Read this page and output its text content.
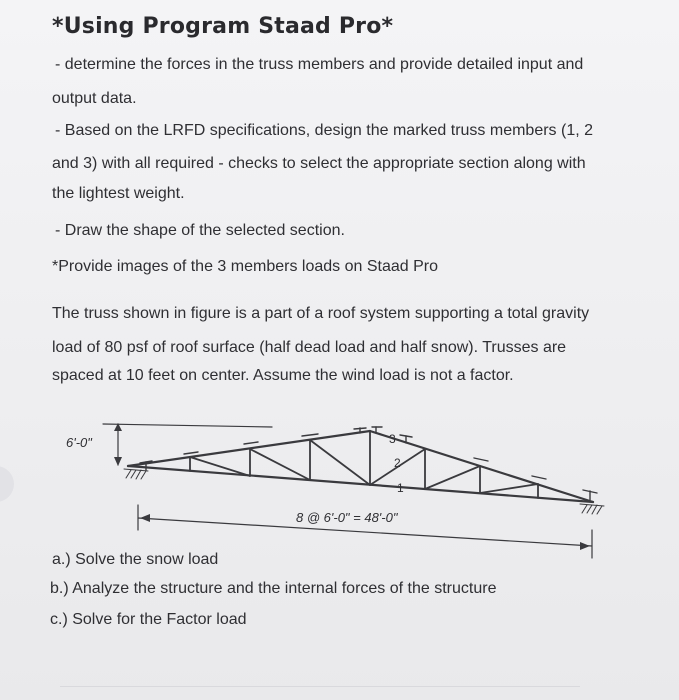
*Using Program Staad Pro*
- determine the forces in the truss members and provide detailed input and
output data.
- Based on the LRFD specifications, design the marked truss members (1, 2
and 3) with all required - checks to select the appropriate section along with
the lightest weight.
- Draw the shape of the selected section.
*Provide images of the 3 members loads on Staad Pro
The truss shown in figure is a part of a roof system supporting a total gravity
load of 80 psf of roof surface (half dead load and half snow). Trusses are
spaced at 10 feet on center. Assume the wind load is not a factor.
6'-0"	3
2
1
8 @ 6'-0" = 48'-0"
a.) Solve the snow load
b.) Analyze the structure and the internal forces of the structure
c.) Solve for the Factor load
